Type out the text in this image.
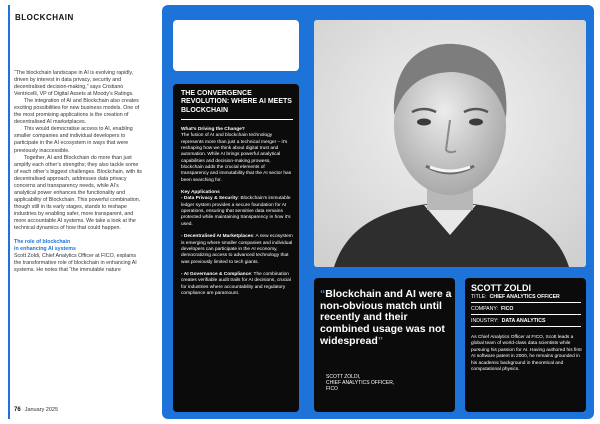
BLOCKCHAIN

“The blockchain landscape in AI is evolving rapidly, driven by interest in data privacy, security and decentralised decision-making,” says Cristiano Ventricelli, VP of Digital Assets at Moody’s Ratings.

The integration of AI and Blockchain also creates exciting possibilities for new business models. One of the most promising applications is the creation of decentralised AI marketplaces.

This would democratise access to AI, enabling smaller companies and individual developers to participate in the AI ecosystem in ways that were previously inaccessible.

Together, AI and Blockchain do more than just amplify each other’s strengths; they also tackle some of each other’s biggest challenges. Blockchain, with its decentralised approach, addresses data privacy concerns and transparency needs, while AI’s analytical power enhances the functionality and applicability of Blockchain. This powerful combination, though still in its early stages, stands to reshape industries by enabling safer, more transparent, and more accountable AI systems. We take a look at the technical dynamics of how that could happen.

The role of blockchain
in enhancing AI systems

Scott Zoldi, Chief Analytics Officer at FICO, explains the transformative role of blockchain in enhancing AI systems. He notes that “the immutable nature

76 January 2025
THE CONVERGENCE REVOLUTION: WHERE AI MEETS BLOCKCHAIN

What’s Driving the Change?

The fusion of AI and blockchain technology represents more than just a technical merger – it’s reshaping how we think about digital trust and automation. While AI brings powerful analytical capabilities and decision-making prowess, blockchain adds the crucial elements of transparency and immutability that the AI sector has been searching for.

Key Applications

- Data Privacy & Security: Blockchain’s immutable ledger system provides a secure foundation for AI operations, ensuring that sensitive data remains protected while maintaining transparency in how it’s used.

- Decentralised AI Marketplaces: A new ecosystem is emerging where smaller companies and individual developers can participate in the AI economy, democratizing access to advanced technology that was previously limited to tech giants.

- AI Governance & Compliance: The combination creates verifiable audit trails for AI decisions, crucial for industries where accountability and regulatory compliance are paramount.	“Blockchain and AI were a non-obvious match until recently and their combined usage was not widespread”
SCOTT ZOLDI,
CHIEF ANALYTICS OFFICER,
FICO
SCOTT ZOLDI
TITLE: CHIEF ANALYTICS OFFICER
COMPANY: FICO
INDUSTRY: DATA ANALYTICS
As Chief Analytics Officer at FICO, Scott leads a global team of world-class data scientists while pursuing his passion for AI. Having authored his first AI software patent in 2000, he remains grounded in his academic background in theoretical and computational physics.
